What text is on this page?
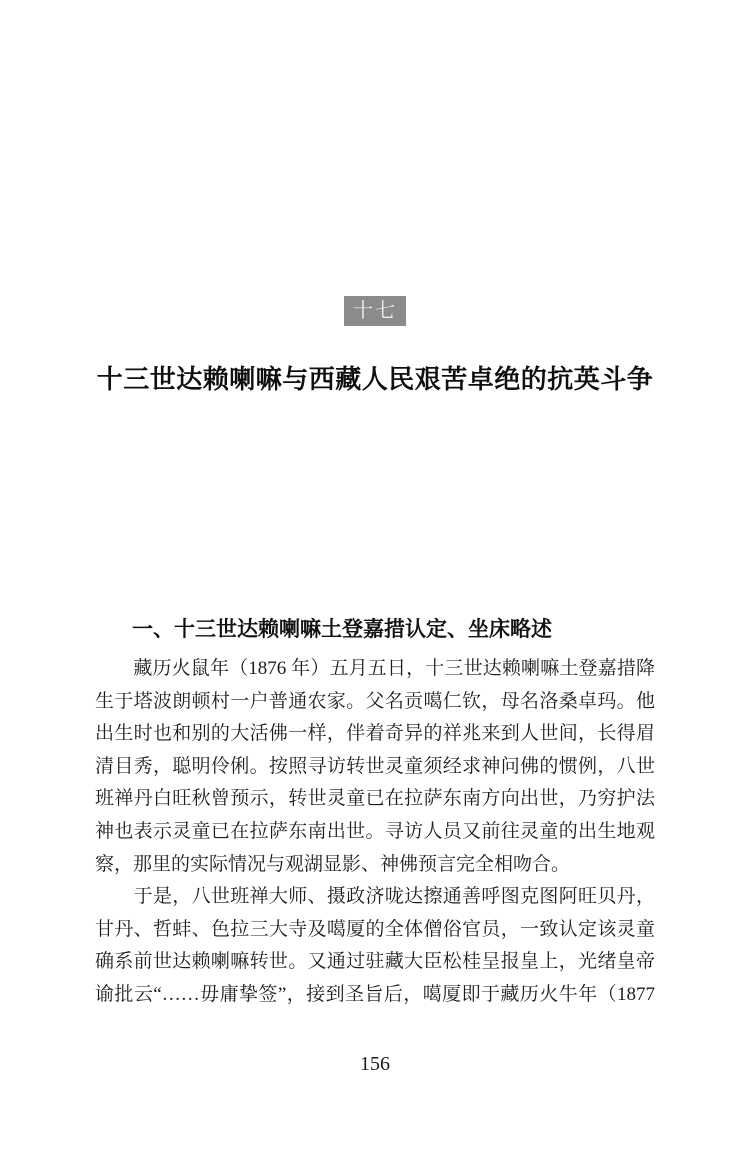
十七
十三世达赖喇嘛与西藏人民艰苦卓绝的抗英斗争
一、十三世达赖喇嘛土登嘉措认定、坐床略述
　　藏历火鼠年（1876 年）五月五日，十三世达赖喇嘛土登嘉措降
生于塔波朗顿村一户普通农家。父名贡噶仁钦，母名洛桑卓玛。他
出生时也和别的大活佛一样，伴着奇异的祥兆来到人世间，长得眉
清目秀，聪明伶俐。按照寻访转世灵童须经求神问佛的惯例，八世
班禅丹白旺秋曾预示，转世灵童已在拉萨东南方向出世，乃穷护法
神也表示灵童已在拉萨东南出世。寻访人员又前往灵童的出生地观
察，那里的实际情况与观湖显影、神佛预言完全相吻合。
　　于是，八世班禅大师、摄政济咙达擦通善呼图克图阿旺贝丹，
甘丹、哲蚌、色拉三大寺及噶厦的全体僧俗官员，一致认定该灵童
确系前世达赖喇嘛转世。又通过驻藏大臣松桂呈报皇上，光绪皇帝
谕批云“……毋庸挚签”，接到圣旨后，噶厦即于藏历火牛年（1877
156
